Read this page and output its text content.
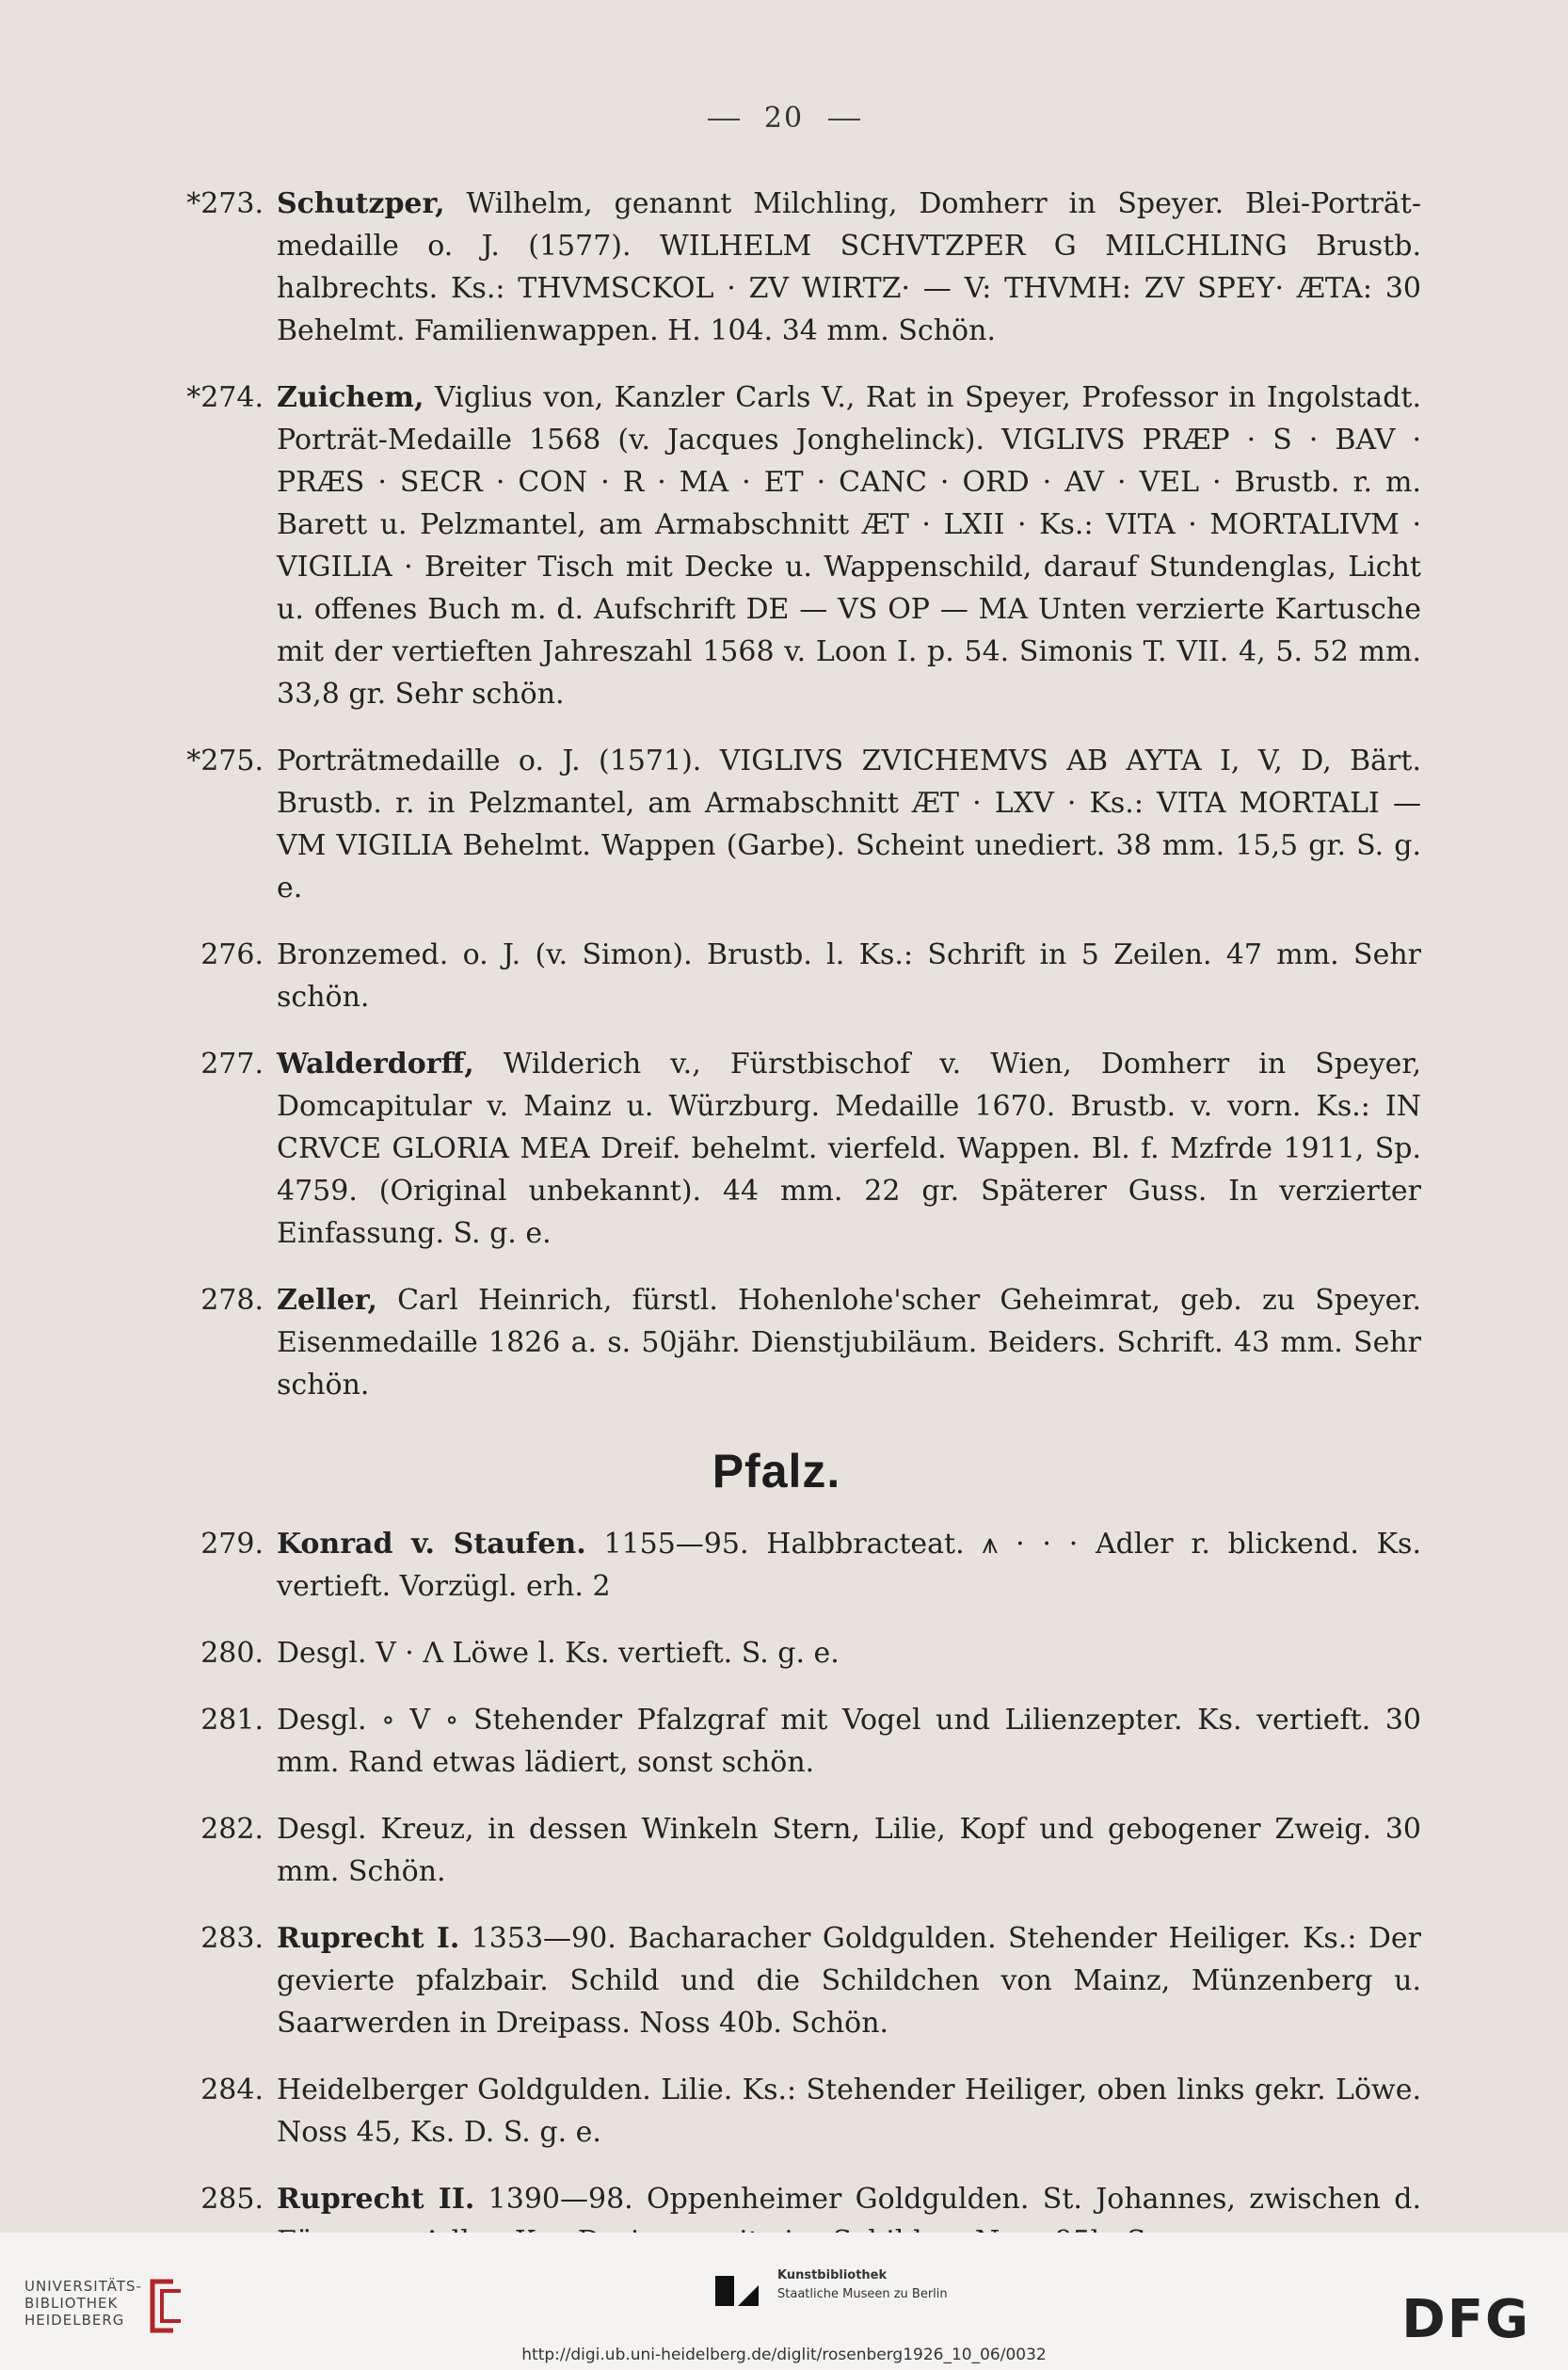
20
*273. Schutzper, Wilhelm, genannt Milchling, Domherr in Speyer. Blei-Porträt-medaille o. J. (1577). WILHELM SCHVTZPER G MILCHLING Brustb. halbrechts. Ks.: THVMSCKOL · ZV WIRTZ· — V: THVMH: ZV SPEY· ÆTA: 30 Behelmt. Familienwappen. H. 104. 34 mm. Schön.
*274. Zuichem, Viglius von, Kanzler Carls V., Rat in Speyer, Professor in Ingolstadt. Porträt-Medaille 1568 (v. Jacques Jonghelinck). VIGLIVS PRÆP · S · BAV · PRÆS · SECR · CON · R · MA · ET · CANC · ORD · AV · VEL · Brustb. r. m. Barett u. Pelzmantel, am Armabschnitt ÆT · LXII · Ks.: VITA · MORTALIVM · VIGILIA · Breiter Tisch mit Decke u. Wappenschild, darauf Stundenglas, Licht u. offenes Buch m. d. Aufschrift DE — VS OP — MA Unten verzierte Kartusche mit der vertieften Jahreszahl 1568 v. Loon I. p. 54. Simonis T. VII. 4, 5. 52 mm. 33,8 gr. Sehr schön.
*275. Porträtmedaille o. J. (1571). VIGLIVS ZVICHEMVS AB AYTA I, V, D, Bärt. Brustb. r. in Pelzmantel, am Armabschnitt ÆT · LXV · Ks.: VITA MORTALI — VM VIGILIA Behelmt. Wappen (Garbe). Scheint unediert. 38 mm. 15,5 gr. S. g. e.
276. Bronzemed. o. J. (v. Simon). Brustb. l. Ks.: Schrift in 5 Zeilen. 47 mm. Sehr schön.
277. Walderdorff, Wilderich v., Fürstbischof v. Wien, Domherr in Speyer, Domcapitular v. Mainz u. Würzburg. Medaille 1670. Brustb. v. vorn. Ks.: IN CRVCE GLORIA MEA Dreif. behelmt. vierfeld. Wappen. Bl. f. Mzfrde 1911, Sp. 4759. (Original unbekannt). 44 mm. 22 gr. Späterer Guss. In verzierter Einfassung. S. g. e.
278. Zeller, Carl Heinrich, fürstl. Hohenlohe'scher Geheimrat, geb. zu Speyer. Eisenmedaille 1826 a. s. 50jähr. Dienstjubiläum. Beiders. Schrift. 43 mm. Sehr schön.
Pfalz.
279. Konrad v. Staufen. 1155—95. Halbbracteat. ⩚ · · · Adler r. blickend. Ks. vertieft. Vorzügl. erh. 2
280. Desgl. V · Ʌ Löwe l. Ks. vertieft. S. g. e.
281. Desgl. ∘ V ∘ Stehender Pfalzgraf mit Vogel und Lilienzepter. Ks. vertieft. 30 mm. Rand etwas lädiert, sonst schön.
282. Desgl. Kreuz, in dessen Winkeln Stern, Lilie, Kopf und gebogener Zweig. 30 mm. Schön.
283. Ruprecht I. 1353—90. Bacharacher Goldgulden. Stehender Heiliger. Ks.: Der gevierte pfalzbair. Schild und die Schildchen von Mainz, Münzenberg u. Saarwerden in Dreipass. Noss 40b. Schön.
284. Heidelberger Goldgulden. Lilie. Ks.: Stehender Heiliger, oben links gekr. Löwe. Noss 45, Ks. D. S. g. e.
285. Ruprecht II. 1390—98. Oppenheimer Goldgulden. St. Johannes, zwischen d.
UNIVERSITÄTS-
BIBLIOTHEK
HEIDELBERG
Kunstbibliothek
Staatliche Museen zu Berlin	DFG
http://digi.ub.uni-heidelberg.de/diglit/rosenberg1926_10_06/0032
